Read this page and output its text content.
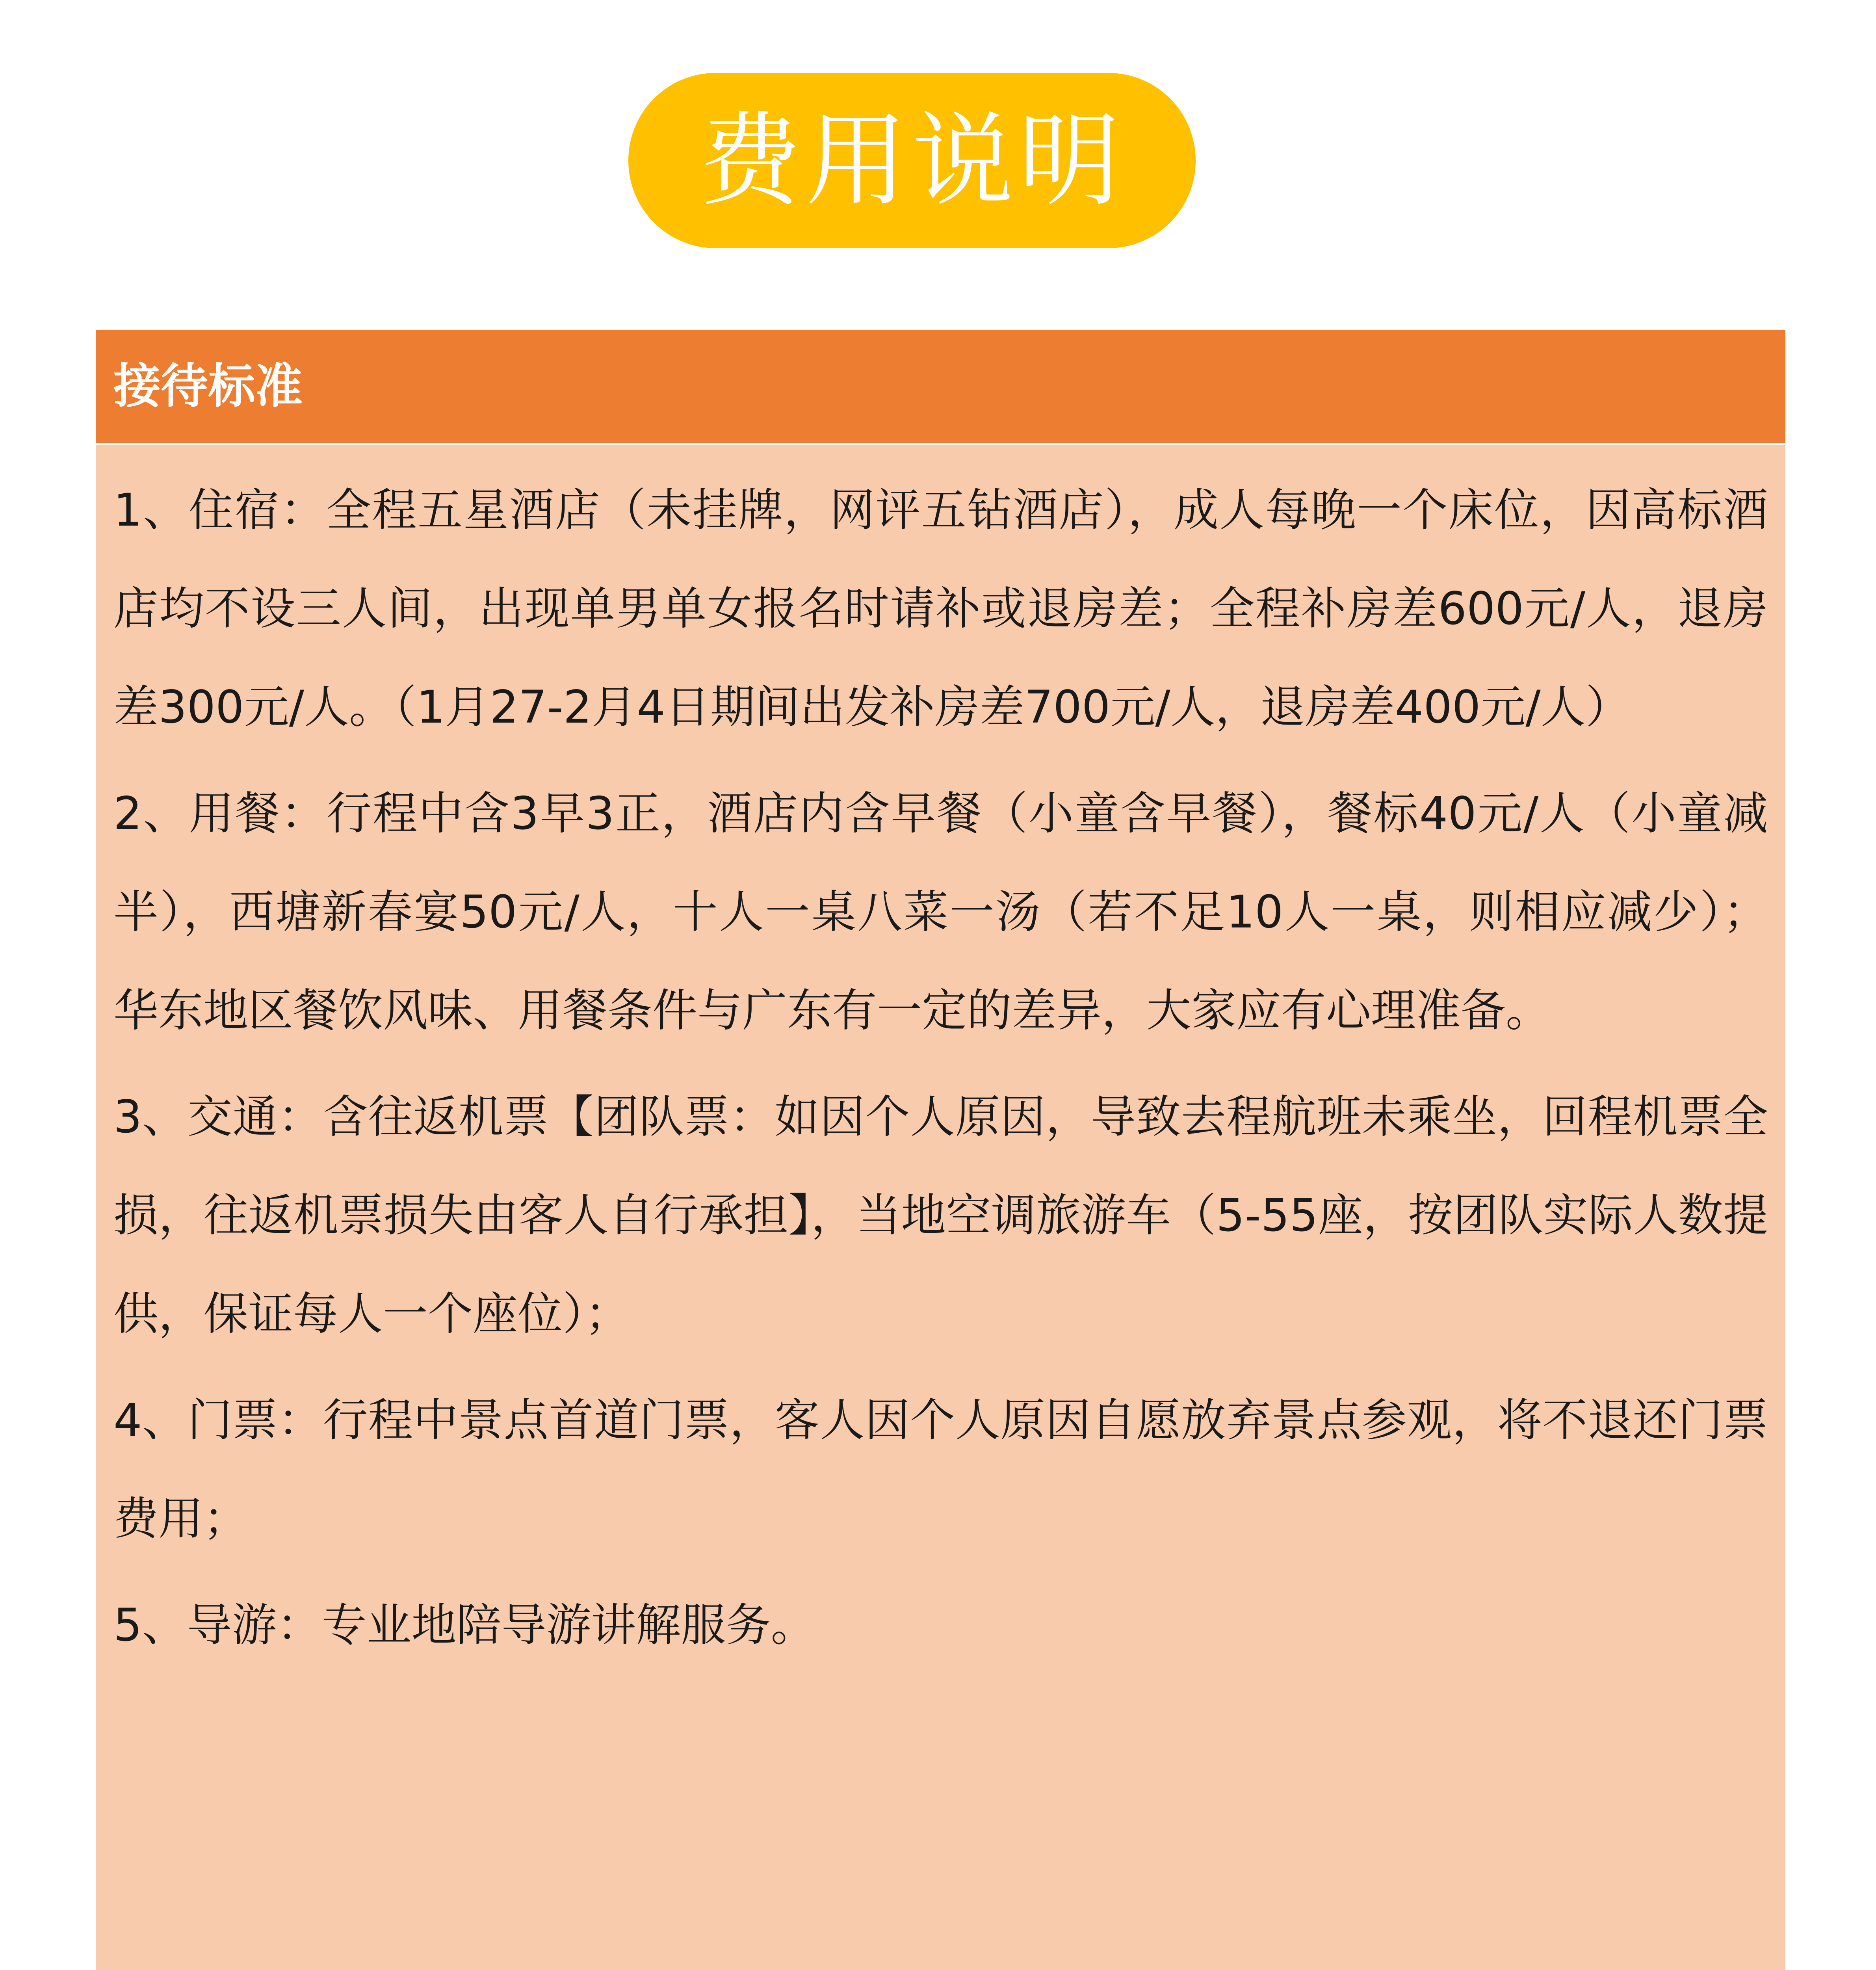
费用说明
接待标准

1、住宿：全程五星酒店（未挂牌，网评五钻酒店），成人每晚一个床位，因高标酒店均不设三人间，出现单男单女报名时请补或退房差；全程补房差600元/人，退房差300元/人。（1月27-2月4日期间出发补房差700元/人，退房差400元/人）

2、用餐：行程中含3早3正，酒店内含早餐（小童含早餐），餐标40元/人（小童减半），西塘新春宴50元/人，十人一桌八菜一汤（若不足10人一桌，则相应减少）；华东地区餐饮风味、用餐条件与广东有一定的差异，大家应有心理准备。

3、交通：含往返机票【团队票：如因个人原因，导致去程航班未乘坐，回程机票全损，往返机票损失由客人自行承担】，当地空调旅游车（5-55座，按团队实际人数提供，保证每人一个座位）；

4、门票：行程中景点首道门票，客人因个人原因自愿放弃景点参观，将不退还门票费用；

5、导游：专业地陪导游讲解服务。
